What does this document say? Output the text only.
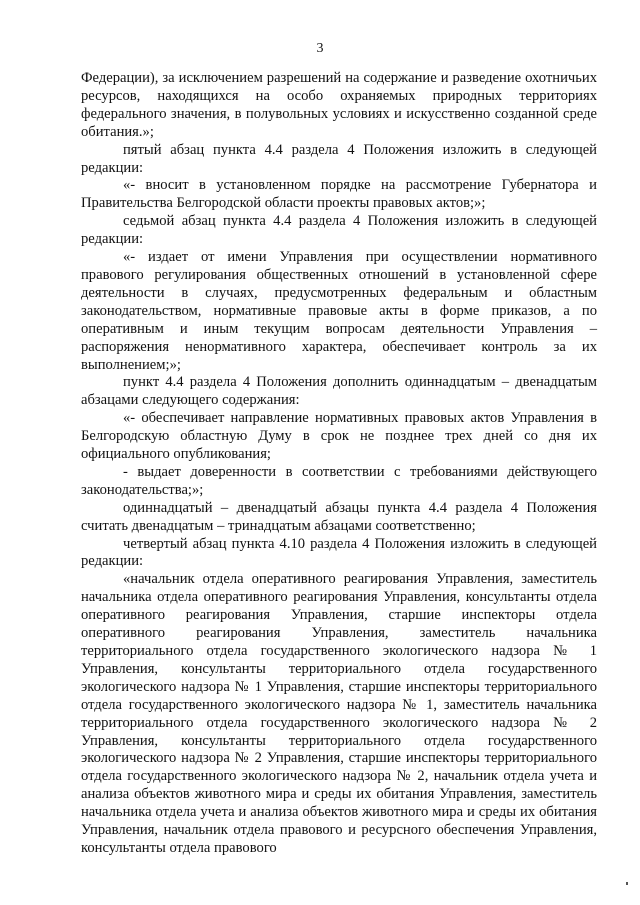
3

Федерации), за исключением разрешений на содержание и разведение охотничьих ресурсов, находящихся на особо охраняемых природных территориях федерального значения, в полувольных условиях и искусственно созданной среде обитания.»;

пятый абзац пункта 4.4 раздела 4 Положения изложить в следующей редакции:

«- вносит в установленном порядке на рассмотрение Губернатора и Правительства Белгородской области проекты правовых актов;»;

седьмой абзац пункта 4.4 раздела 4 Положения изложить в следующей редакции:

«- издает от имени Управления при осуществлении нормативного правового регулирования общественных отношений в установленной сфере деятельности в случаях, предусмотренных федеральным и областным законодательством, нормативные правовые акты в форме приказов, а по оперативным и иным текущим вопросам деятельности Управления – распоряжения ненормативного характера, обеспечивает контроль за их выполнением;»;

пункт 4.4 раздела 4 Положения дополнить одиннадцатым – двенадцатым абзацами следующего содержания:

«- обеспечивает направление нормативных правовых актов Управления в Белгородскую областную Думу в срок не позднее трех дней со дня их официального опубликования;

- выдает доверенности в соответствии с требованиями действующего законодательства;»;

одиннадцатый – двенадцатый абзацы пункта 4.4 раздела 4 Положения считать двенадцатым – тринадцатым абзацами соответственно;

четвертый абзац пункта 4.10 раздела 4 Положения изложить в следующей редакции:

«начальник отдела оперативного реагирования Управления, заместитель начальника отдела оперативного реагирования Управления, консультанты отдела оперативного реагирования Управления, старшие инспекторы отдела оперативного реагирования Управления, заместитель начальника территориального отдела государственного экологического надзора № 1 Управления, консультанты территориального отдела государственного экологического надзора № 1 Управления, старшие инспекторы территориального отдела государственного экологического надзора № 1, заместитель начальника территориального отдела государственного экологического надзора № 2 Управления, консультанты территориального отдела государственного экологического надзора № 2 Управления, старшие инспекторы территориального отдела государственного экологического надзора № 2, начальник отдела учета и анализа объектов животного мира и среды их обитания Управления, заместитель начальника отдела учета и анализа объектов животного мира и среды их обитания Управления, начальник отдела правового и ресурсного обеспечения Управления, консультанты отдела правового
